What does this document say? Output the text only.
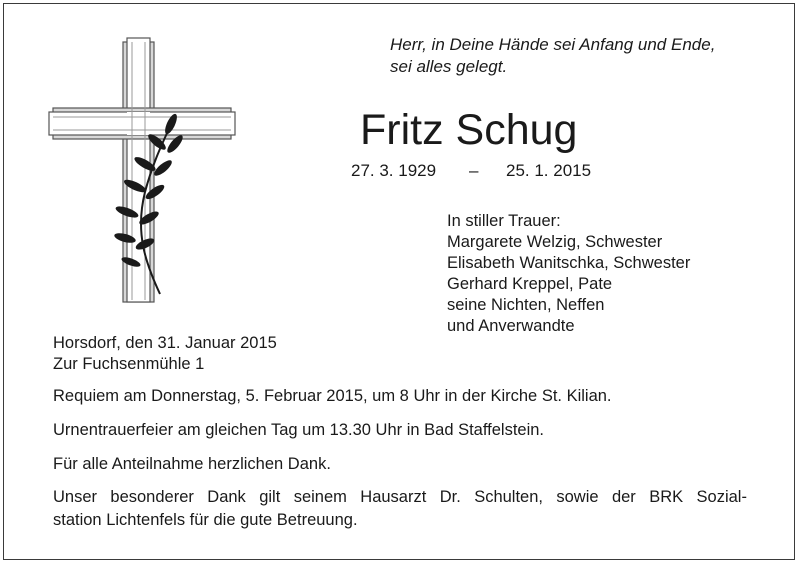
Herr, in Deine Hände sei Anfang und Ende,
sei alles gelegt.
Fritz Schug
27. 3. 1929 – 25. 1. 2015
In stiller Trauer:
Margarete Welzig, Schwester
Elisabeth Wanitschka, Schwester
Gerhard Kreppel, Pate
seine Nichten, Neffen
und Anverwandte
Horsdorf, den 31. Januar 2015
Zur Fuchsenmühle 1
Requiem am Donnerstag, 5. Februar 2015, um 8 Uhr in der Kirche St. Kilian.
Urnentrauerfeier am gleichen Tag um 13.30 Uhr in Bad Staffelstein.
Für alle Anteilnahme herzlichen Dank.
Unser besonderer Dank gilt seinem Hausarzt Dr. Schulten, sowie der BRK Sozial-
station Lichtenfels für die gute Betreuung.
